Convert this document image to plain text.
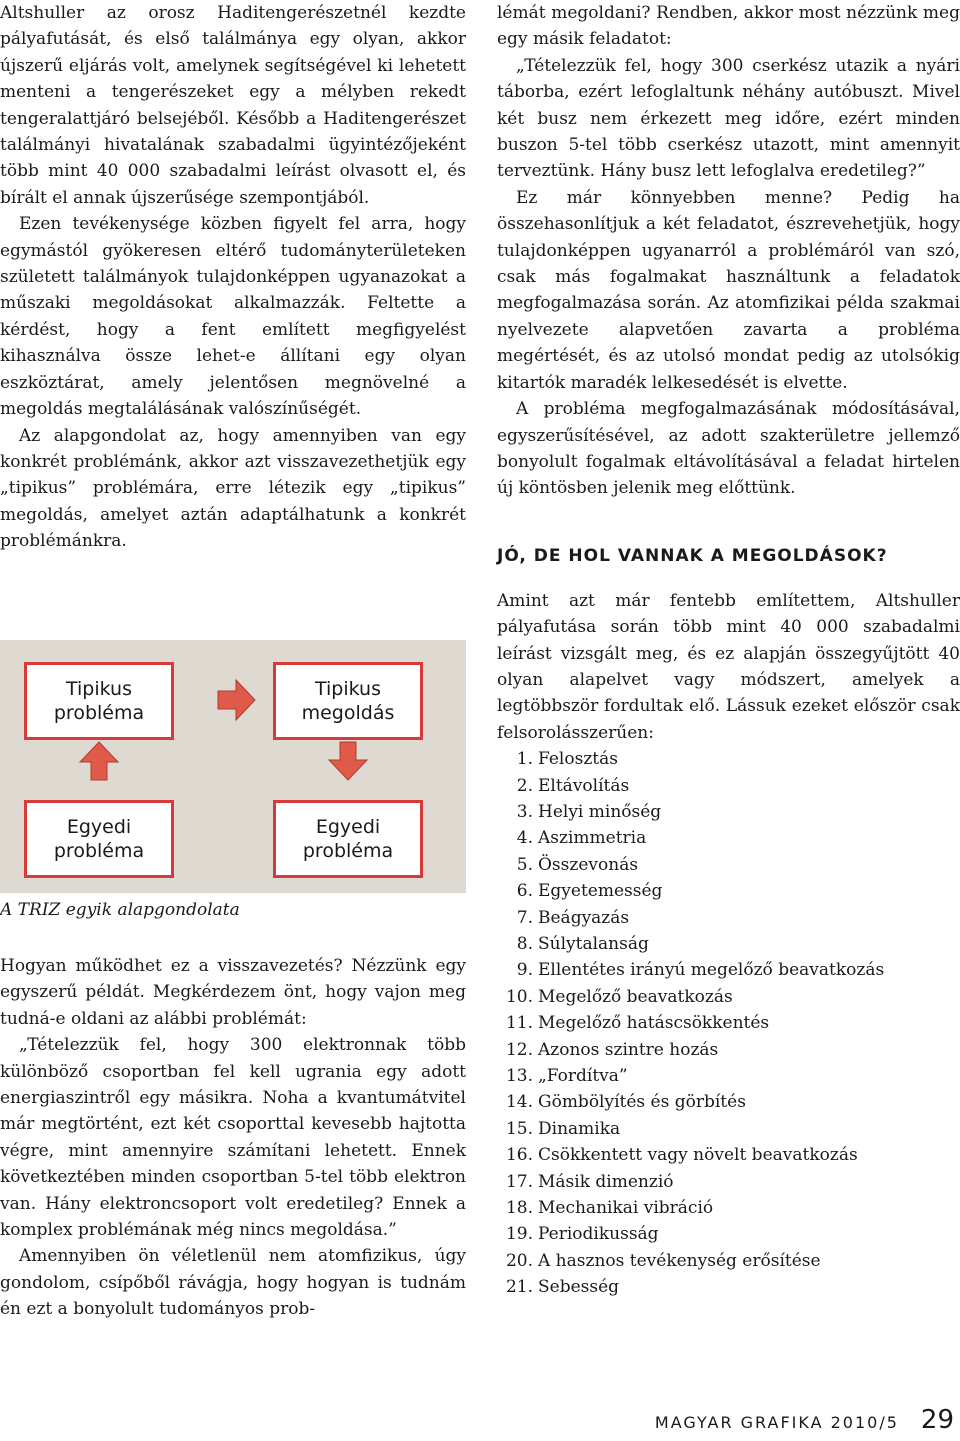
Altshuller az orosz Haditengerészetnél kezdte pályafutását, és első találmánya egy olyan, akkor újszerű eljárás volt, amelynek segítségével ki lehetett menteni a tengerészeket egy a mélyben rekedt tengeralattjáró belsejéből. Később a Haditengerészet találmányi hivatalának szabadalmi ügyintézőjeként több mint 40 000 szabadalmi leírást olvasott el, és bírált el annak újszerűsége szempontjából.

Ezen tevékenysége közben figyelt fel arra, hogy egymástól gyökeresen eltérő tudományterületeken született találmányok tulajdonképpen ugyanazokat a műszaki megoldásokat alkalmazzák. Feltette a kérdést, hogy a fent említett megfigyelést kihasználva össze lehet-e állítani egy olyan eszköztárat, amely jelentősen megnövelné a megoldás megtalálásának valószínűségét.

Az alapgondolat az, hogy amennyiben van egy konkrét problémánk, akkor azt visszavezethetjük egy „tipikus” problémára, erre létezik egy „tipikus” megoldás, amelyet aztán adaptálhatunk a konkrét problémánkra.

Tipikus probléma
Tipikus megoldás
Egyedi probléma
Egyedi probléma
A TRIZ egyik alapgondolata

Hogyan működhet ez a visszavezetés? Nézzünk egy egyszerű példát. Megkérdezem önt, hogy vajon meg tudná-e oldani az alábbi problémát:

„Tételezzük fel, hogy 300 elektronnak több különböző csoportban fel kell ugrania egy adott energiaszintről egy másikra. Noha a kvantumátvitel már megtörtént, ezt két csoporttal kevesebb hajtotta végre, mint amennyire számítani lehetett. Ennek következtében minden csoportban 5-tel több elektron van. Hány elektroncsoport volt eredetileg? Ennek a komplex problémának még nincs megoldása.”

Amennyiben ön véletlenül nem atomfizikus, úgy gondolom, csípőből rávágja, hogy hogyan is tudnám én ezt a bonyolult tudományos prob-

lémát megoldani? Rendben, akkor most nézzünk meg egy másik feladatot:

„Tételezzük fel, hogy 300 cserkész utazik a nyári táborba, ezért lefoglaltunk néhány autóbuszt. Mivel két busz nem érkezett meg időre, ezért minden buszon 5-tel több cserkész utazott, mint amennyit terveztünk. Hány busz lett lefoglalva eredetileg?”

Ez már könnyebben menne? Pedig ha összehasonlítjuk a két feladatot, észrevehetjük, hogy tulajdonképpen ugyanarról a problémáról van szó, csak más fogalmakat használtunk a feladatok megfogalmazása során. Az atomfizikai példa szakmai nyelvezete alapvetően zavarta a probléma megértését, és az utolsó mondat pedig az utolsókig kitartók maradék lelkesedését is elvette.

A probléma megfogalmazásának módosításával, egyszerűsítésével, az adott szakterületre jellemző bonyolult fogalmak eltávolításával a feladat hirtelen új köntösben jelenik meg előttünk.

JÓ, DE HOL VANNAK A MEGOLDÁSOK?

Amint azt már fentebb említettem, Altshuller pályafutása során több mint 40 000 szabadalmi leírást vizsgált meg, és ez alapján összegyűjtött 40 olyan alapelvet vagy módszert, amelyek a legtöbbször fordultak elő. Lássuk ezeket először csak felsorolásszerűen:

1. Felosztás
2. Eltávolítás
3. Helyi minőség
4. Aszimmetria
5. Összevonás
6. Egyetemesség
7. Beágyazás
8. Súlytalanság
9. Ellentétes irányú megelőző beavatkozás
10. Megelőző beavatkozás
11. Megelőző hatáscsökkentés
12. Azonos szintre hozás
13. „Fordítva”
14. Gömbölyítés és görbítés
15. Dinamika
16. Csökkentett vagy növelt beavatkozás
17. Másik dimenzió
18. Mechanikai vibráció
19. Periodikusság
20. A hasznos tevékenység erősítése
21. Sebesség
MAGYAR GRAFIKA 2010/5 29
